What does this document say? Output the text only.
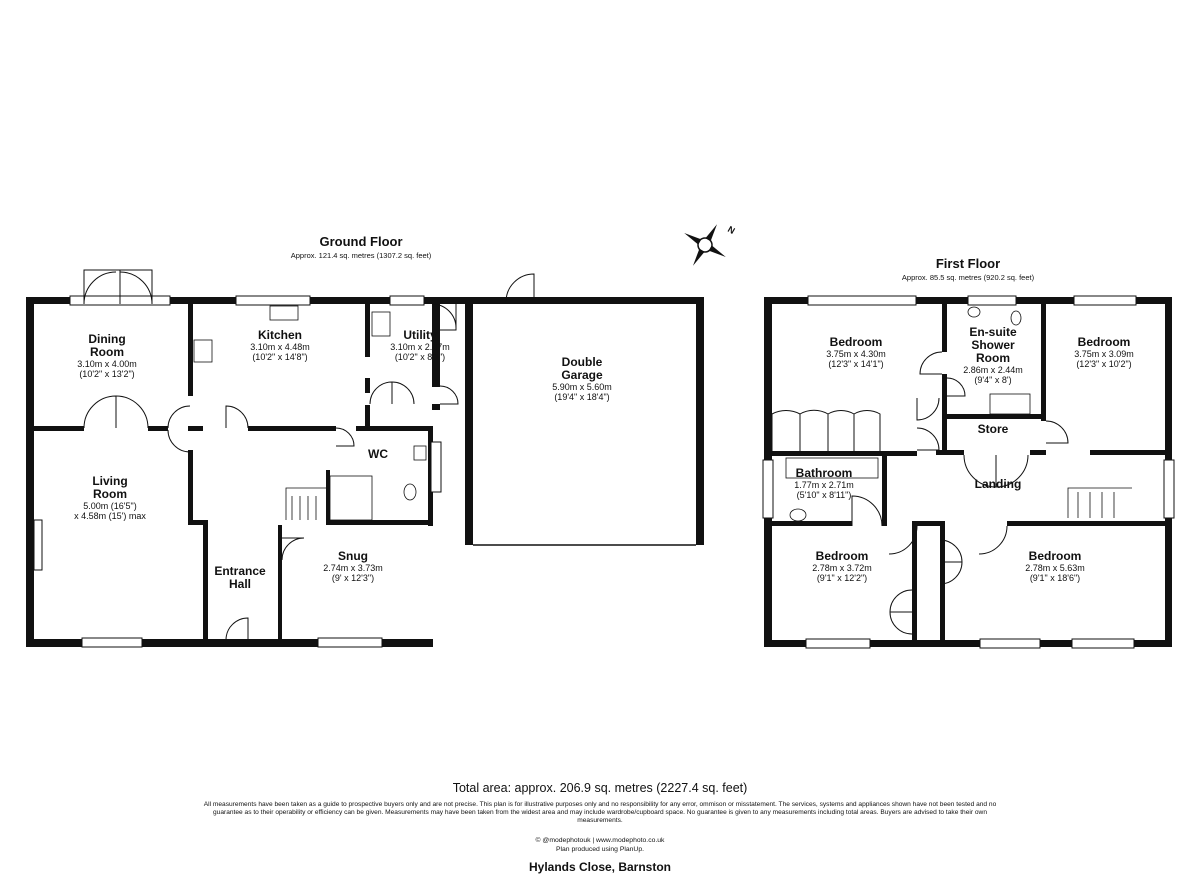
Ground Floor
Approx. 121.4 sq. metres (1307.2 sq. feet)
Dining
Room
3.10m x 4.00m
(10'2" x 13'2")
Kitchen
3.10m x 4.48m
(10'2" x 14'8")
Utility
3.10m x 2.47m
(10'2" x 8'1")	Double
Garage
5.90m x 5.60m
(19'4" x 18'4")
Living
Room
5.00m (16'5")
x 4.58m (15') max
WC
Entrance
Hall
Snug
2.74m x 3.73m
(9' x 12'3")
N
First Floor
Approx. 85.5 sq. metres (920.2 sq. feet)
Bedroom
3.75m x 4.30m
(12'3" x 14'1")
En-suite
Shower
Room
2.86m x 2.44m
(9'4" x 8')
Bedroom
3.75m x 3.09m
(12'3" x 10'2")
Store
Bathroom
1.77m x 2.71m
(5'10" x 8'11")
Landing
Bedroom
2.78m x 3.72m
(9'1" x 12'2")
Bedroom
2.78m x 5.63m
(9'1" x 18'6")
Total area: approx. 206.9 sq. metres (2227.4 sq. feet)
All measurements have been taken as a guide to prospective buyers only and are not precise. This plan is for illustrative purposes only and no responsibility for any error, ommison or misstatement. The services, systems and appliances shown have not been tested and no guarantee as to their operability or efficiency can be given. Measurements may have been taken from the widest area and may include wardrobe/cupboard space. No guarantee is given to any measurements including total areas. Buyers are advised to take their own measurements.
© @modephotouk | www.modephoto.co.uk
Plan produced using PlanUp.
Hylands Close, Barnston
